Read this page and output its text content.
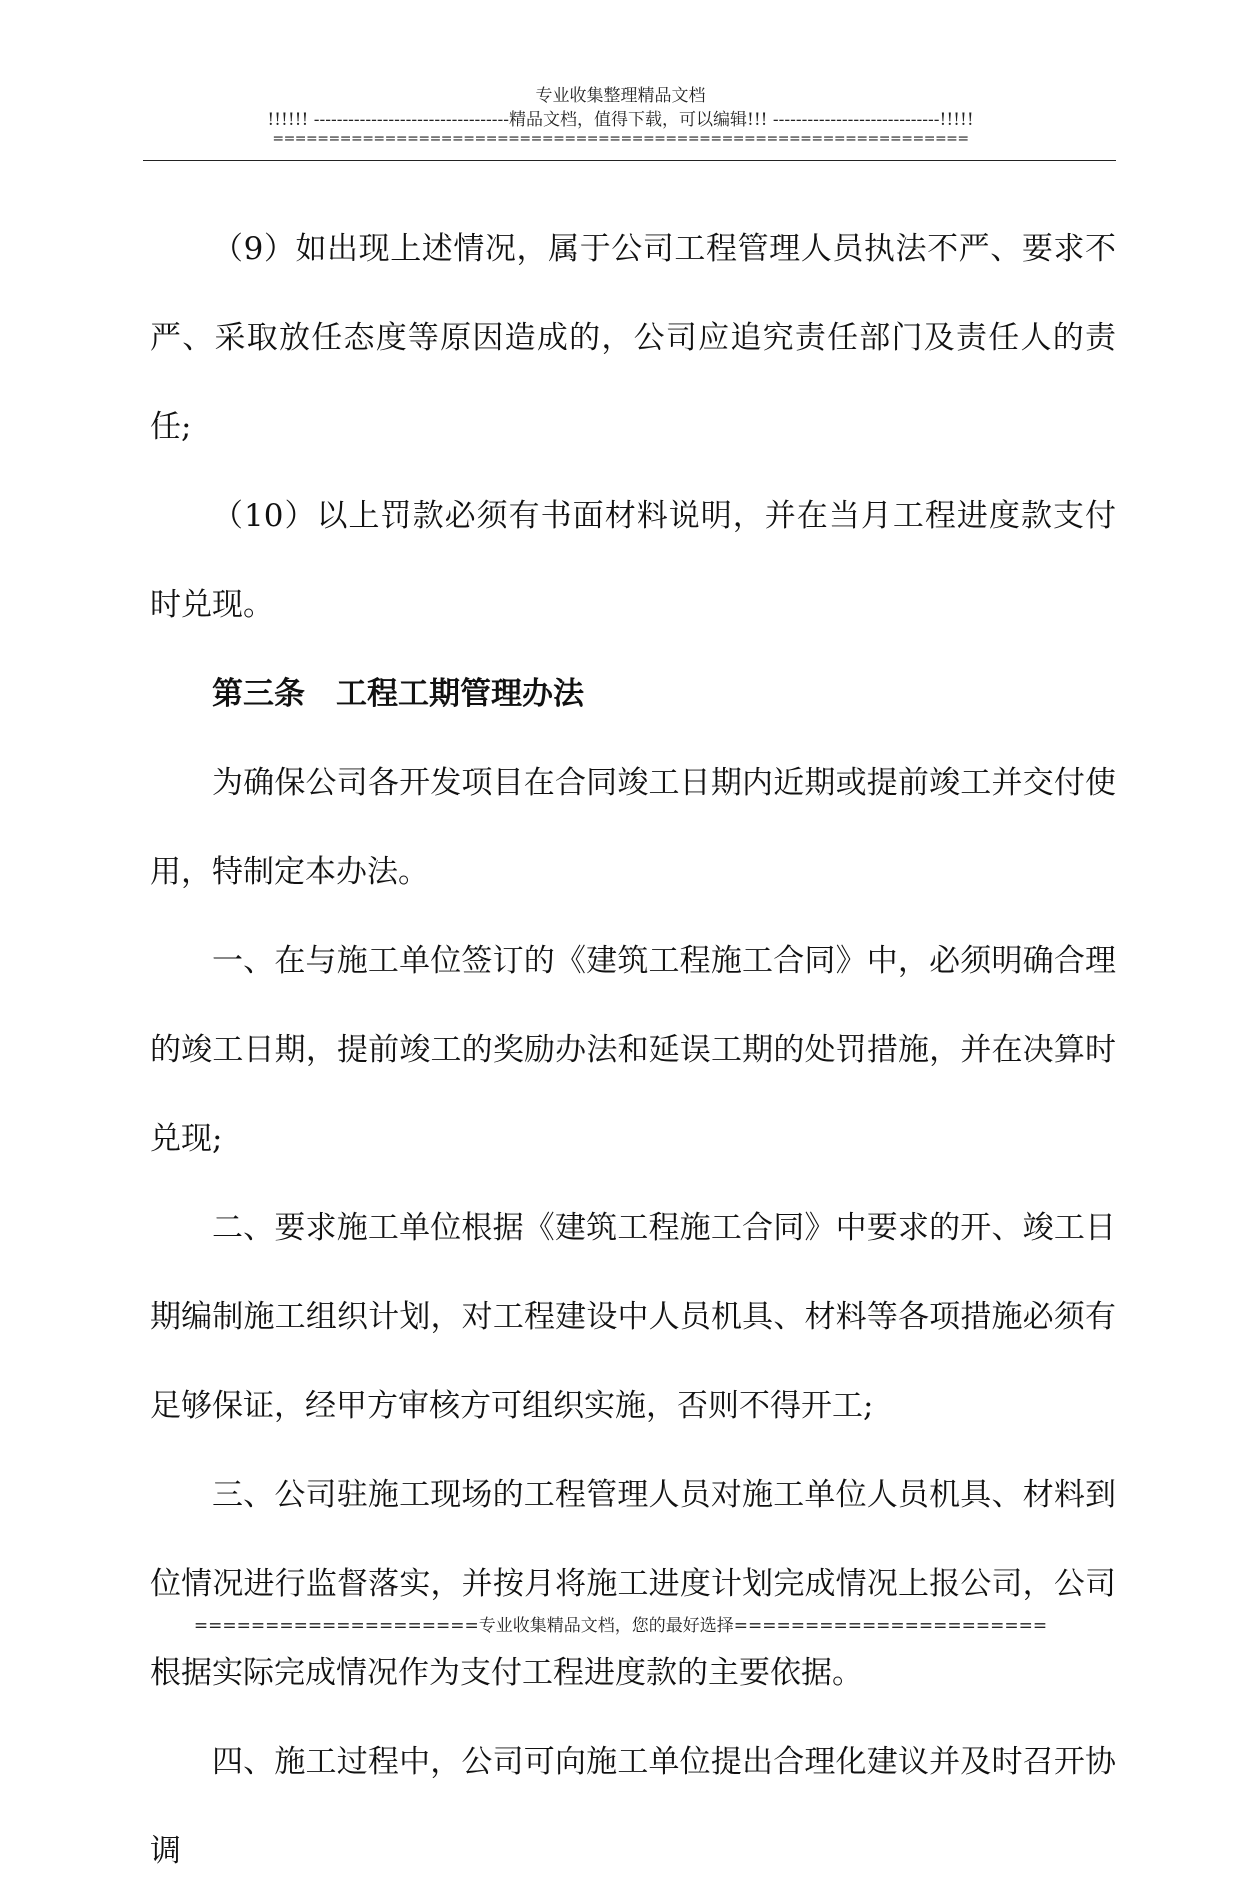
专业收集整理精品文档
!!!!!! ----------------------------------精品文档，值得下载，可以编辑!!! -----------------------------!!!!!
==============================================================

（9）如出现上述情况，属于公司工程管理人员执法不严、要求不严、采取放任态度等原因造成的，公司应追究责任部门及责任人的责任;

（10）以上罚款必须有书面材料说明，并在当月工程进度款支付时兑现。

第三条　工程工期管理办法

为确保公司各开发项目在合同竣工日期内近期或提前竣工并交付使用，特制定本办法。

一、在与施工单位签订的《建筑工程施工合同》中，必须明确合理的竣工日期，提前竣工的奖励办法和延误工期的处罚措施，并在决算时兑现;

二、要求施工单位根据《建筑工程施工合同》中要求的开、竣工日期编制施工组织计划，对工程建设中人员机具、材料等各项措施必须有足够保证，经甲方审核方可组织实施，否则不得开工;

三、公司驻施工现场的工程管理人员对施工单位人员机具、材料到位情况进行监督落实，并按月将施工进度计划完成情况上报公司，公司根据实际完成情况作为支付工程进度款的主要依据。

四、施工过程中，公司可向施工单位提出合理化建议并及时召开协调

====================专业收集精品文档，您的最好选择======================
